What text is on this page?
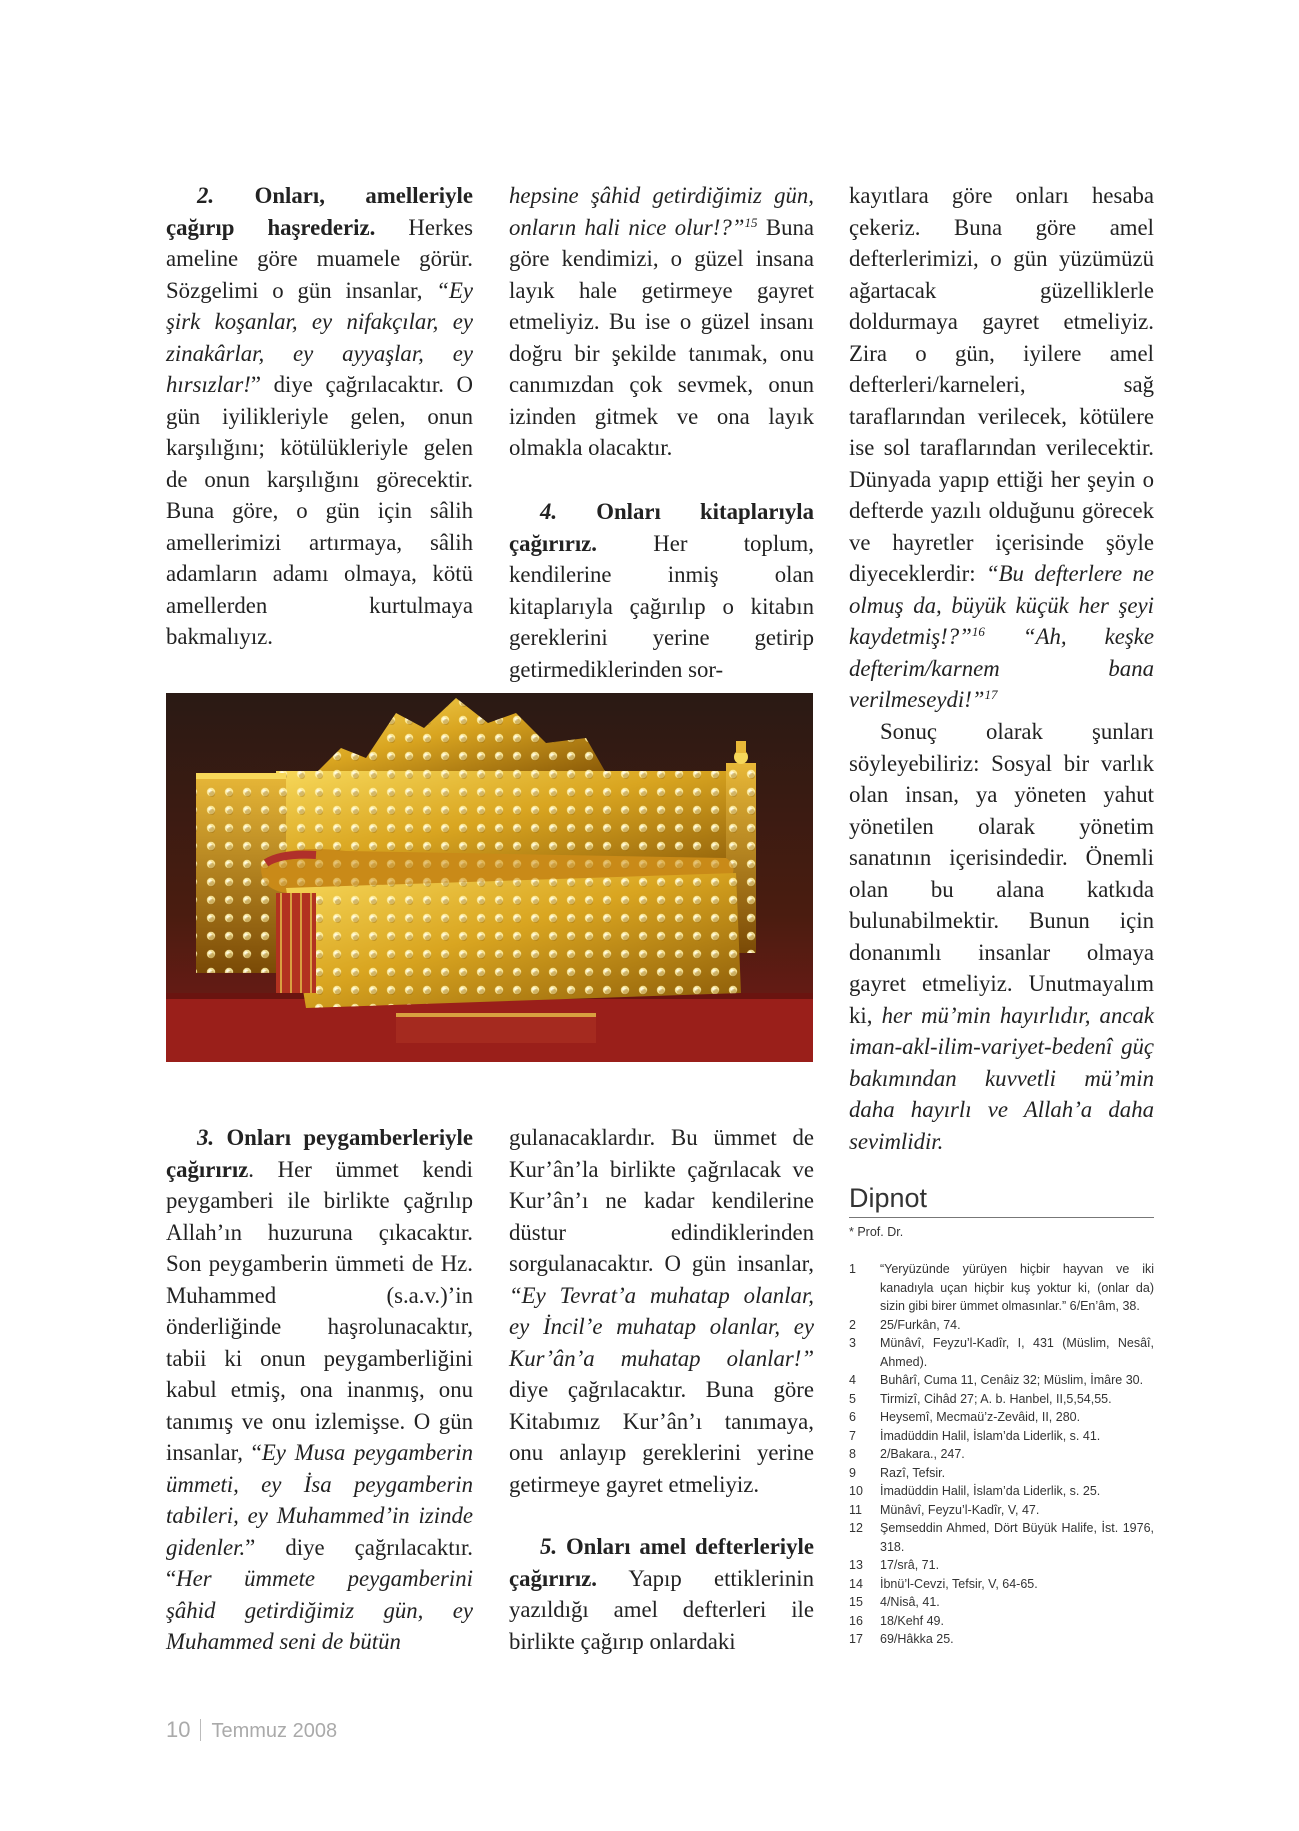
2. Onları, amelleriyle çağırıp haşrederiz. Herkes ameline göre muamele görür. Sözgelimi o gün insanlar, “Ey şirk koşanlar, ey nifakçılar, ey zinakârlar, ey ayyaşlar, ey hırsızlar!” diye çağrılacaktır. O gün iyilikleriyle gelen, onun karşılığını; kötülükleriyle gelen de onun karşılığını görecektir. Buna göre, o gün için sâlih amellerimizi artırmaya, sâlih adamların adamı olmaya, kötü amellerden kurtulmaya bakmalıyız.

hepsine şâhid getirdiğimiz gün, onların hali nice olur!?”$^{15}$ Buna göre kendimizi, o güzel insana layık hale getirmeye gayret etmeliyiz. Bu ise o güzel insanı doğru bir şekilde tanımak, onu canımızdan çok sevmek, onun izinden gitmek ve ona layık olmakla olacaktır.

4. Onları kitaplarıyla çağırırız. Her toplum, kendilerine inmiş olan kitaplarıyla çağırılıp o kitabın gereklerini yerine getirip getirmediklerinden sor-

kayıtlara göre onları hesaba çekeriz. Buna göre amel defterlerimizi, o gün yüzümüzü ağartacak güzelliklerle doldurmaya gayret etmeliyiz. Zira o gün, iyilere amel defterleri/karneleri, sağ taraflarından verilecek, kötülere ise sol taraflarından verilecektir. Dünyada yapıp ettiği her şeyin o defterde yazılı olduğunu görecek ve hayretler içerisinde şöyle diyeceklerdir: “Bu defterlere ne olmuş da, büyük küçük her şeyi kaydetmiş!?”$^{16}$ “Ah, keşke defterim/karnem bana verilmeseydi!”$^{17}$

Sonuç olarak şunları söyleyebiliriz: Sosyal bir varlık olan insan, ya yöneten yahut yönetilen olarak yönetim sanatının içerisindedir. Önemli olan bu alana katkıda bulunabilmektir. Bunun için donanımlı insanlar olmaya gayret etmeliyiz. Unutmayalım ki, her mü’min hayırlıdır, ancak iman-akl-ilim-variyet-bedenî güç bakımından kuvvetli mü’min daha hayırlı ve Allah’a daha sevimlidir.

3. Onları peygamberleriyle çağırırız. Her ümmet kendi peygamberi ile birlikte çağrılıp Allah’ın huzuruna çıkacaktır. Son peygamberin ümmeti de Hz. Muhammed (s.a.v.)’in önderliğinde haşrolunacaktır, tabii ki onun peygamberliğini kabul etmiş, ona inanmış, onu tanımış ve onu izlemişse. O gün insanlar, “Ey Musa peygamberin ümmeti, ey İsa peygamberin tabileri, ey Muhammed’in izinde gidenler.” diye çağrılacaktır. “Her ümmete peygamberini şâhid getirdiğimiz gün, ey Muhammed seni de bütün

gulanacaklardır. Bu ümmet de Kur’ân’la birlikte çağrılacak ve Kur’ân’ı ne kadar kendilerine düstur edindiklerinden sorgulanacaktır. O gün insanlar, “Ey Tevrat’a muhatap olanlar, ey İncil’e muhatap olanlar, ey Kur’ân’a muhatap olanlar!” diye çağrılacaktır. Buna göre Kitabımız Kur’ân’ı tanımaya, onu anlayıp gereklerini yerine getirmeye gayret etmeliyiz.

5. Onları amel defterleriyle çağırırız. Yapıp ettiklerinin yazıldığı amel defterleri ile birlikte çağırıp onlardaki

Dipnot

* Prof. Dr.

1	“Yeryüzünde yürüyen hiçbir hayvan ve iki kanadıyla uçan hiçbir kuş yoktur ki, (onlar da) sizin gibi birer ümmet olmasınlar.” 6/En’âm, 38.
2	25/Furkân, 74.
3	Münâvî, Feyzu’l-Kadîr, I, 431 (Müslim, Nesâî, Ahmed).
4	Buhârî, Cuma 11, Cenâiz 32; Müslim, İmâre 30.
5	Tirmizî, Cihâd 27; A. b. Hanbel, II,5,54,55.
6	Heysemî, Mecmaü’z-Zevâid, II, 280.
7	İmadüddin Halil, İslam’da Liderlik, s. 41.
8	2/Bakara., 247.
9	Razî, Tefsir.
10	İmadüddin Halil, İslam’da Liderlik, s. 25.
11	Münâvî, Feyzu’l-Kadîr, V, 47.
12	Şemseddin Ahmed, Dört Büyük Halife, İst. 1976, 318.
13	17/srâ, 71.
14	İbnü’l-Cevzi, Tefsir, V, 64-65.
15	4/Nisâ, 41.
16	18/Kehf 49.
17	69/Hâkka 25.

10 Temmuz 2008
